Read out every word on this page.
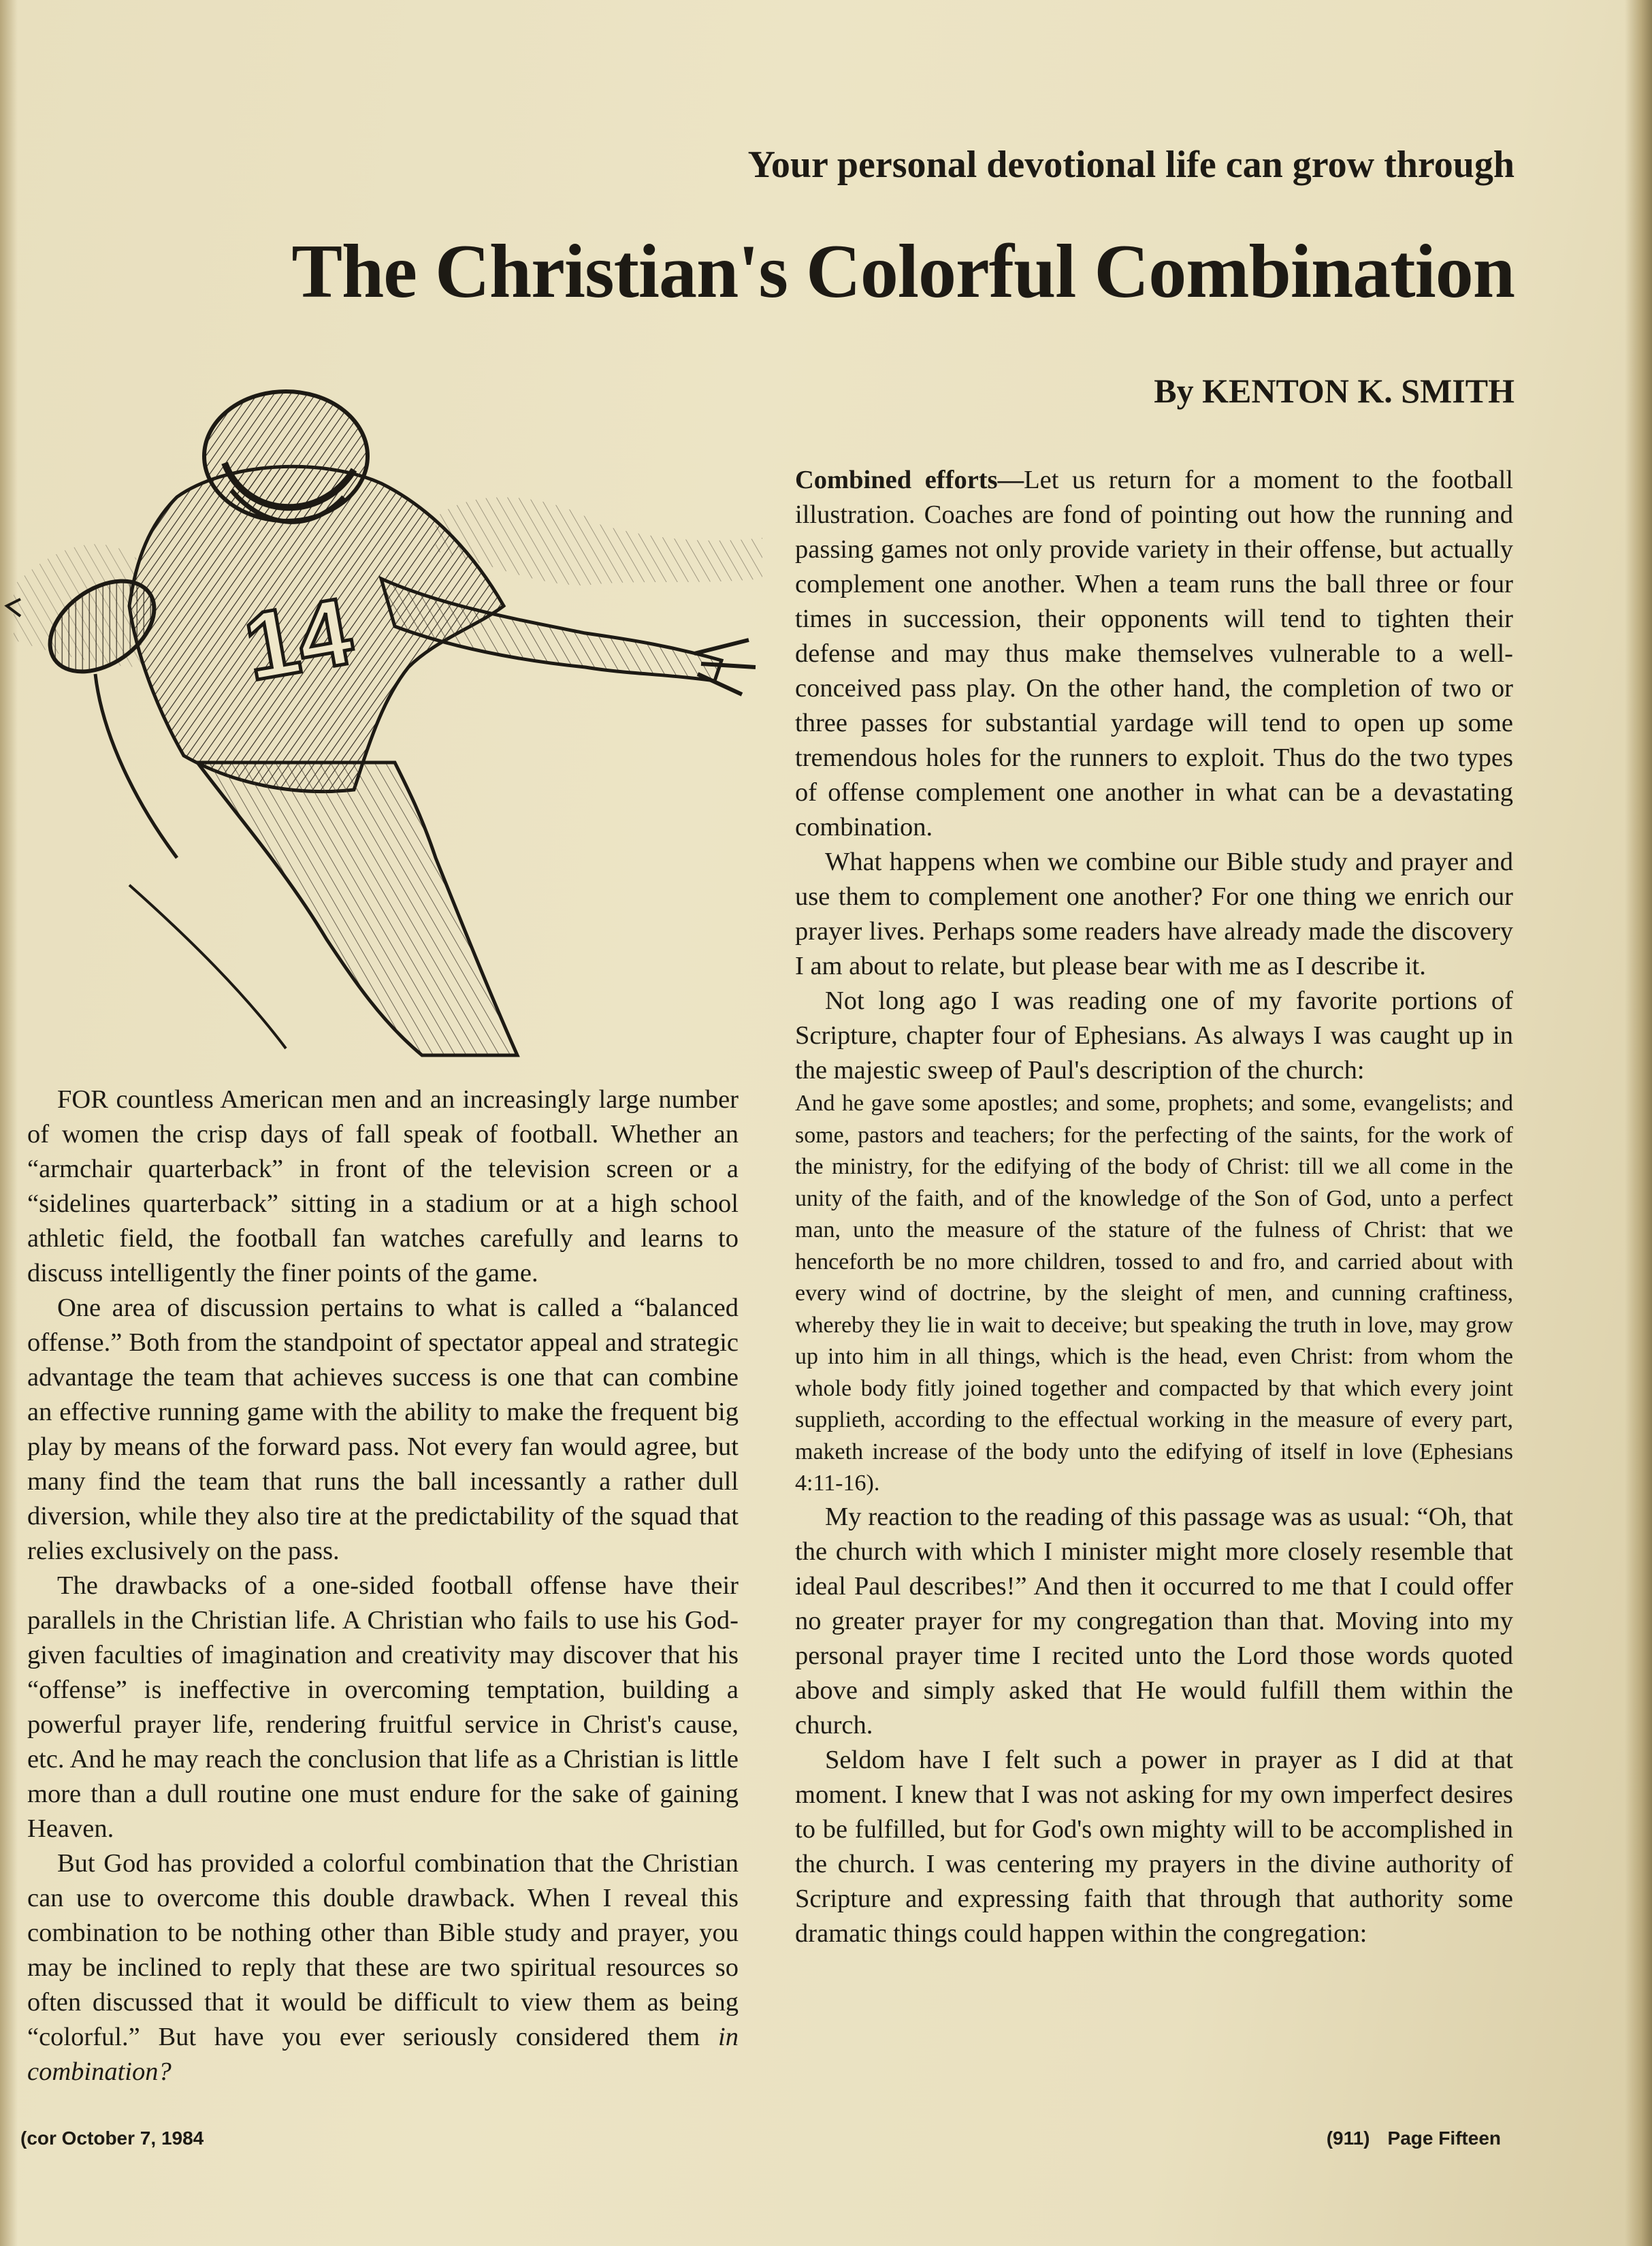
Your personal devotional life can grow through
The Christian's Colorful Combination
By KENTON K. SMITH
14

FOR countless American men and an increasingly large number of women the crisp days of fall speak of football. Whether an “armchair quarterback” in front of the television screen or a “sidelines quarterback” sitting in a stadium or at a high school athletic field, the football fan watches carefully and learns to discuss intelligently the finer points of the game.

One area of discussion pertains to what is called a “balanced offense.” Both from the standpoint of spectator appeal and strategic advantage the team that achieves success is one that can combine an effective running game with the ability to make the frequent big play by means of the forward pass. Not every fan would agree, but many find the team that runs the ball incessantly a rather dull diversion, while they also tire at the predictability of the squad that relies exclusively on the pass.

The drawbacks of a one-sided football offense have their parallels in the Christian life. A Christian who fails to use his God-given faculties of imagination and creativity may discover that his “offense” is ineffective in overcoming temptation, building a powerful prayer life, rendering fruitful service in Christ's cause, etc. And he may reach the conclusion that life as a Christian is little more than a dull routine one must endure for the sake of gaining Heaven.

But God has provided a colorful combination that the Christian can use to overcome this double drawback. When I reveal this combination to be nothing other than Bible study and prayer, you may be inclined to reply that these are two spiritual resources so often discussed that it would be difficult to view them as being “colorful.” But have you ever seriously considered them in combination?

Combined efforts—Let us return for a moment to the football illustration. Coaches are fond of pointing out how the running and passing games not only provide variety in their offense, but actually complement one another. When a team runs the ball three or four times in succession, their opponents will tend to tighten their defense and may thus make themselves vulnerable to a well-conceived pass play. On the other hand, the completion of two or three passes for substantial yardage will tend to open up some tremendous holes for the runners to exploit. Thus do the two types of offense complement one another in what can be a devastating combination.

What happens when we combine our Bible study and prayer and use them to complement one another? For one thing we enrich our prayer lives. Perhaps some readers have already made the discovery I am about to relate, but please bear with me as I describe it.

Not long ago I was reading one of my favorite portions of Scripture, chapter four of Ephesians. As always I was caught up in the majestic sweep of Paul's description of the church:

And he gave some apostles; and some, prophets; and some, evangelists; and some, pastors and teachers; for the perfecting of the saints, for the work of the ministry, for the edifying of the body of Christ: till we all come in the unity of the faith, and of the knowledge of the Son of God, unto a perfect man, unto the measure of the stature of the fulness of Christ: that we henceforth be no more children, tossed to and fro, and carried about with every wind of doctrine, by the sleight of men, and cunning craftiness, whereby they lie in wait to deceive; but speaking the truth in love, may grow up into him in all things, which is the head, even Christ: from whom the whole body fitly joined together and compacted by that which every joint supplieth, according to the effectual working in the measure of every part, maketh increase of the body unto the edifying of itself in love (Ephesians 4:11-16).

My reaction to the reading of this passage was as usual: “Oh, that the church with which I minister might more closely resemble that ideal Paul describes!” And then it occurred to me that I could offer no greater prayer for my congregation than that. Moving into my personal prayer time I recited unto the Lord those words quoted above and simply asked that He would fulfill them within the church.

Seldom have I felt such a power in prayer as I did at that moment. I knew that I was not asking for my own imperfect desires to be fulfilled, but for God's own mighty will to be accomplished in the church. I was centering my prayers in the divine authority of Scripture and expressing faith that through that authority some dramatic things could happen within the congregation:

(cor October 7, 1984	(911) Page Fifteen
